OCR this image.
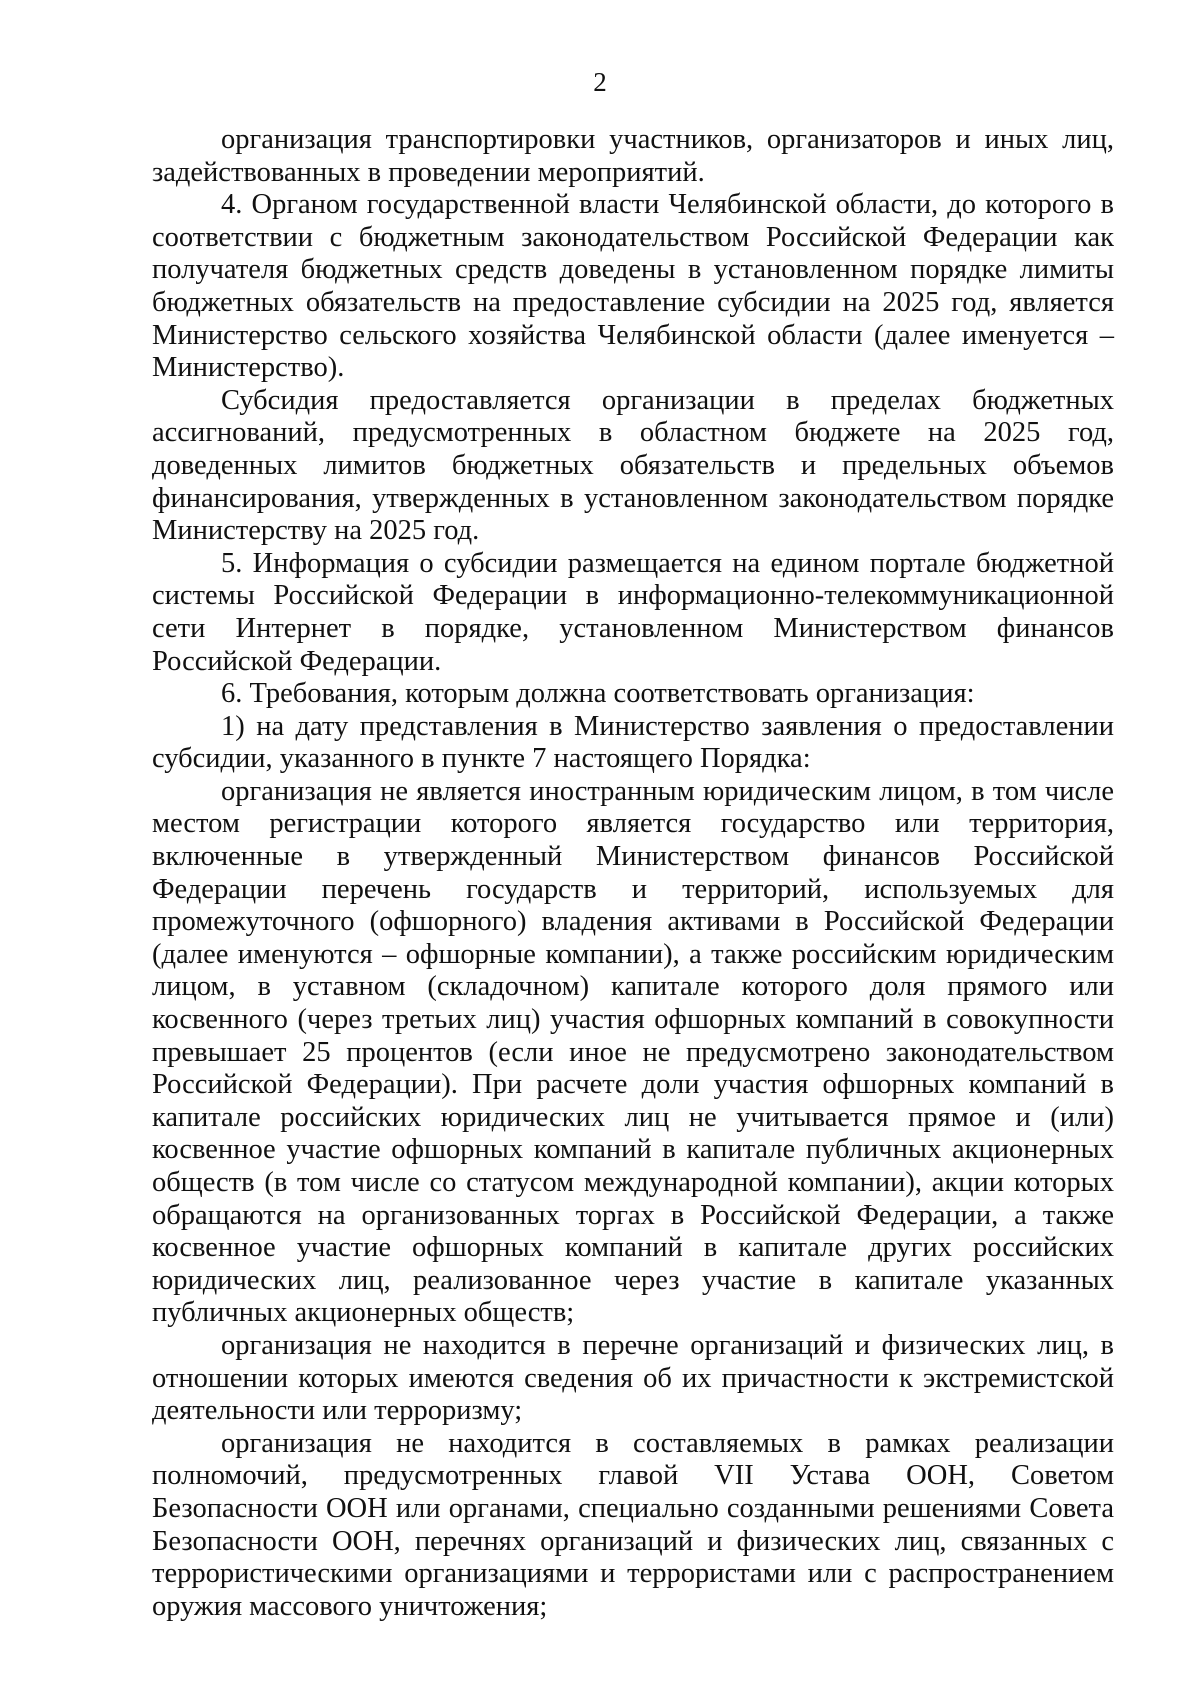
2

организация транспортировки участников, организаторов и иных лиц, задействованных в проведении мероприятий.

4. Органом государственной власти Челябинской области, до которого в соответствии с бюджетным законодательством Российской Федерации как получателя бюджетных средств доведены в установленном порядке лимиты бюджетных обязательств на предоставление субсидии на 2025 год, является Министерство сельского хозяйства Челябинской области (далее именуется – Министерство).

Субсидия предоставляется организации в пределах бюджетных ассигнований, предусмотренных в областном бюджете на 2025 год, доведенных лимитов бюджетных обязательств и предельных объемов финансирования, утвержденных в установленном законодательством порядке Министерству на 2025 год.

5. Информация о субсидии размещается на едином портале бюджетной системы Российской Федерации в информационно-телекоммуникационной сети Интернет в порядке, установленном Министерством финансов Российской Федерации.

6. Требования, которым должна соответствовать организация:

1) на дату представления в Министерство заявления о предоставлении субсидии, указанного в пункте 7 настоящего Порядка:

организация не является иностранным юридическим лицом, в том числе местом регистрации которого является государство или территория, включенные в утвержденный Министерством финансов Российской Федерации перечень государств и территорий, используемых для промежуточного (офшорного) владения активами в Российской Федерации (далее именуются – офшорные компании), а также российским юридическим лицом, в уставном (складочном) капитале которого доля прямого или косвенного (через третьих лиц) участия офшорных компаний в совокупности превышает 25 процентов (если иное не предусмотрено законодательством Российской Федерации). При расчете доли участия офшорных компаний в капитале российских юридических лиц не учитывается прямое и (или) косвенное участие офшорных компаний в капитале публичных акционерных обществ (в том числе со статусом международной компании), акции которых обращаются на организованных торгах в Российской Федерации, а также косвенное участие офшорных компаний в капитале других российских юридических лиц, реализованное через участие в капитале указанных публичных акционерных обществ;

организация не находится в перечне организаций и физических лиц, в отношении которых имеются сведения об их причастности к экстремистской деятельности или терроризму;

организация не находится в составляемых в рамках реализации полномочий, предусмотренных главой VII Устава ООН, Советом Безопасности ООН или органами, специально созданными решениями Совета Безопасности ООН, перечнях организаций и физических лиц, связанных с террористическими организациями и террористами или с распространением оружия массового уничтожения;
